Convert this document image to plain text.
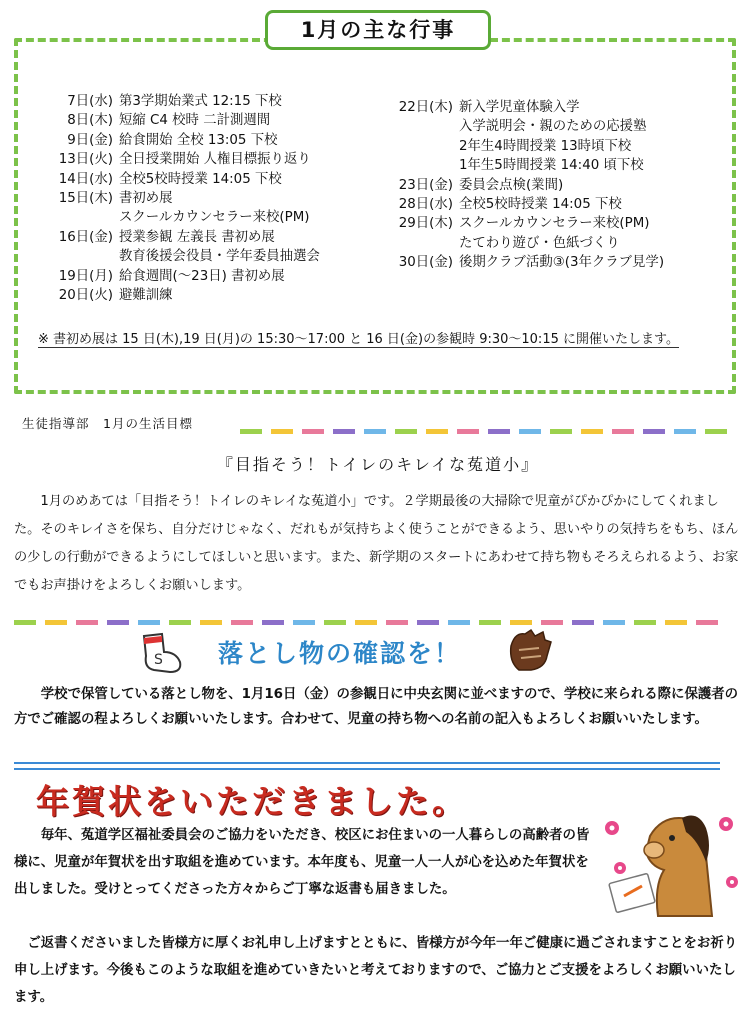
1月の主な行事
7日(水) 第3学期始業式 12:15 下校
8日(木) 短縮 C4 校時 二計測週間
9日(金) 給食開始 全校 13:05 下校
13日(火) 全日授業開始 人権目標振り返り
14日(水) 全校5校時授業 14:05 下校
15日(木) 書初め展
スクールカウンセラー来校(PM)
16日(金) 授業参観 左義長 書初め展
教育後援会役員・学年委員抽選会
19日(月) 給食週間(～23日) 書初め展
20日(火) 避難訓練
22日(木) 新入学児童体験入学
入学説明会・親のための応援塾
2年生4時間授業 13時頃下校
1年生5時間授業 14:40 頃下校
23日(金) 委員会点検(業間)
28日(水) 全校5校時授業 14:05 下校
29日(木) スクールカウンセラー来校(PM)
たてわり遊び・色紙づくり
30日(金) 後期クラブ活動③(3年クラブ見学)
※ 書初め展は 15 日(木),19 日(月)の 15:30～17:00 と 16 日(金)の参観時 9:30～10:15 に開催いたします。
生徒指導部　1月の生活目標
『目指そう！トイレのキレイな菟道小』
1月のめあては「目指そう！トイレのキレイな菟道小」です。２学期最後の大掃除で児童がぴかぴかにしてくれました。そのキレイさを保ち、自分だけじゃなく、だれもが気持ちよく使うことができるよう、思いやりの気持ちをもち、ほんの少しの行動ができるようにしてほしいと思います。また、新学期のスタートにあわせて持ち物もそろえられるよう、お家でもお声掛けをよろしくお願いします。
S 落とし物の確認を！
学校で保管している落とし物を、1月16日（金）の参観日に中央玄関に並べますので、学校に来られる際に保護者の方でご確認の程よろしくお願いいたします。合わせて、児童の持ち物への名前の記入もよろしくお願いいたします。
年賀状をいただきました。
毎年、菟道学区福祉委員会のご協力をいただき、校区にお住まいの一人暮らしの高齢者の皆様に、児童が年賀状を出す取組を進めています。本年度も、児童一人一人が心を込めた年賀状を出しました。受けとってくださった方々からご丁寧な返書も届きました。
ご返書くださいました皆様方に厚くお礼申し上げますとともに、皆様方が今年一年ご健康に過ごされますことをお祈り申し上げます。今後もこのような取組を進めていきたいと考えておりますので、ご協力とご支援をよろしくお願いいたします。
